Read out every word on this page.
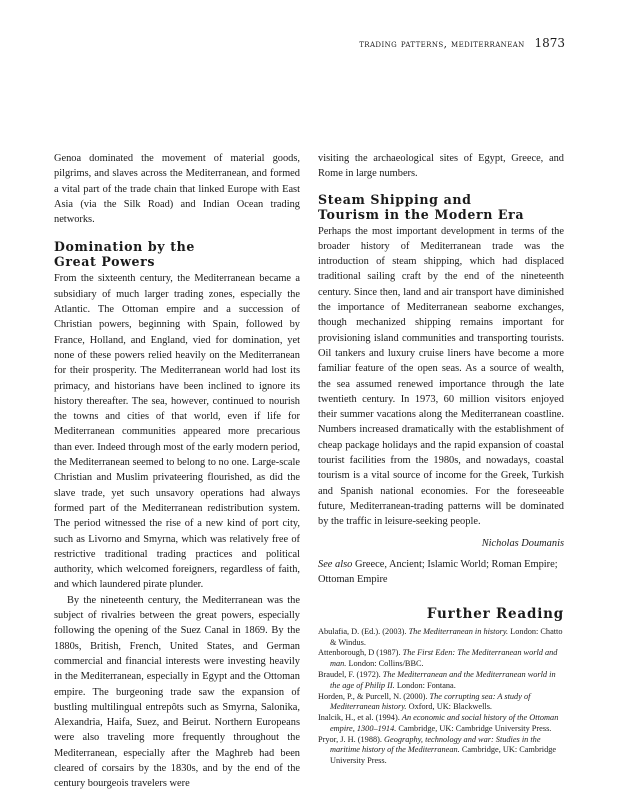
trading patterns, mediterranean 1873

Genoa dominated the movement of material goods, pilgrims, and slaves across the Mediterranean, and formed a vital part of the trade chain that linked Europe with East Asia (via the Silk Road) and Indian Ocean trading networks.

Domination by the
Great Powers

From the sixteenth century, the Mediterranean became a subsidiary of much larger trading zones, especially the Atlantic. The Ottoman empire and a succession of Christian powers, beginning with Spain, followed by France, Holland, and England, vied for domination, yet none of these powers relied heavily on the Mediterranean for their prosperity. The Mediterranean world had lost its primacy, and historians have been inclined to ignore its history thereafter. The sea, however, continued to nourish the towns and cities of that world, even if life for Mediterranean communities appeared more precarious than ever. Indeed through most of the early modern period, the Mediterranean seemed to belong to no one. Large-scale Christian and Muslim privateering flourished, as did the slave trade, yet such unsavory operations had always formed part of the Mediterranean redistribution system. The period witnessed the rise of a new kind of port city, such as Livorno and Smyrna, which was relatively free of restrictive traditional trading practices and political authority, which welcomed foreigners, regardless of faith, and which laundered pirate plunder.

By the nineteenth century, the Mediterranean was the subject of rivalries between the great powers, especially following the opening of the Suez Canal in 1869. By the 1880s, British, French, United States, and German commercial and financial interests were investing heavily in the Mediterranean, especially in Egypt and the Ottoman empire. The burgeoning trade saw the expansion of bustling multilingual entrepôts such as Smyrna, Salonika, Alexandria, Haifa, Suez, and Beirut. Northern Europeans were also traveling more frequently throughout the Mediterranean, especially after the Maghreb had been cleared of corsairs by the 1830s, and by the end of the century bourgeois travelers were

visiting the archaeological sites of Egypt, Greece, and Rome in large numbers.

Steam Shipping and
Tourism in the Modern Era

Perhaps the most important development in terms of the broader history of Mediterranean trade was the introduction of steam shipping, which had displaced traditional sailing craft by the end of the nineteenth century. Since then, land and air transport have diminished the importance of Mediterranean seaborne exchanges, though mechanized shipping remains important for provisioning island communities and transporting tourists. Oil tankers and luxury cruise liners have become a more familiar feature of the open seas. As a source of wealth, the sea assumed renewed importance through the late twentieth century. In 1973, 60 million visitors enjoyed their summer vacations along the Mediterranean coastline. Numbers increased dramatically with the establishment of cheap package holidays and the rapid expansion of coastal tourist facilities from the 1980s, and nowadays, coastal tourism is a vital source of income for the Greek, Turkish and Spanish national economies. For the foreseeable future, Mediterranean-trading patterns will be dominated by the traffic in leisure-seeking people.

Nicholas Doumanis

See also Greece, Ancient; Islamic World; Roman Empire; Ottoman Empire

Further Reading

Abulafia, D. (Ed.). (2003). The Mediterranean in history. London: Chatto & Windus.

Attenborough, D (1987). The First Eden: The Mediterranean world and man. London: Collins/BBC.

Braudel, F. (1972). The Mediterranean and the Mediterranean world in the age of Philip II. London: Fontana.

Horden, P., & Purcell, N. (2000). The corrupting sea: A study of Mediterranean history. Oxford, UK: Blackwells.

Inalcik, H., et al. (1994). An economic and social history of the Ottoman empire, 1300–1914. Cambridge, UK: Cambridge University Press.

Pryor, J. H. (1988). Geography, technology and war: Studies in the maritime history of the Mediterranean. Cambridge, UK: Cambridge University Press.
